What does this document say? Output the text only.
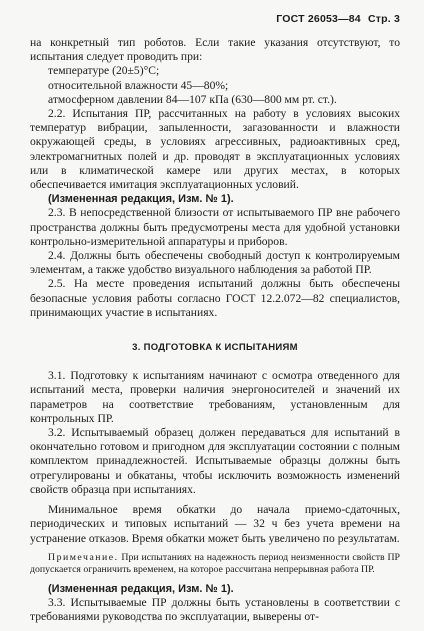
ГОСТ 26053—84 Стр. 3

на конкретный тип роботов. Если такие указания отсутствуют, то испытания следует проводить при:

температуре (20±5)°С;

относительной влажности 45—80%;

атмосферном давлении 84—107 кПа (630—800 мм рт. ст.).

2.2. Испытания ПР, рассчитанных на работу в условиях высоких температур вибрации, запыленности, загазованности и влажности окружающей среды, в условиях агрессивных, радиоактивных сред, электромагнитных полей и др. проводят в эксплуатационных условиях или в климатической камере или других местах, в которых обеспечивается имитация эксплуатационных условий.

(Измененная редакция, Изм. № 1).

2.3. В непосредственной близости от испытываемого ПР вне рабочего пространства должны быть предусмотрены места для удобной установки контрольно-измерительной аппаратуры и приборов.

2.4. Должны быть обеспечены свободный доступ к контролируемым элементам, а также удобство визуального наблюдения за работой ПР.

2.5. На месте проведения испытаний должны быть обеспечены безопасные условия работы согласно ГОСТ 12.2.072—82 специалистов, принимающих участие в испытаниях.

3. ПОДГОТОВКА К ИСПЫТАНИЯМ

3.1. Подготовку к испытаниям начинают с осмотра отведенного для испытаний места, проверки наличия энергоносителей и значений их параметров на соответствие требованиям, установленным для контрольных ПР.

3.2. Испытываемый образец должен передаваться для испытаний в окончательно готовом и пригодном для эксплуатации состоянии с полным комплектом принадлежностей. Испытываемые образцы должны быть отрегулированы и обкатаны, чтобы исключить возможность изменений свойств образца при испытаниях.

Минимальное время обкатки до начала приемо-сдаточных, периодических и типовых испытаний — 32 ч без учета времени на устранение отказов. Время обкатки может быть увеличено по результатам.

Примечание. При испытаниях на надежность период неизменности свойств ПР допускается ограничить временем, на которое рассчитана непрерывная работа ПР.

(Измененная редакция, Изм. № 1).

3.3. Испытываемые ПР должны быть установлены в соответствии с требованиями руководства по эксплуатации, выверены от-
